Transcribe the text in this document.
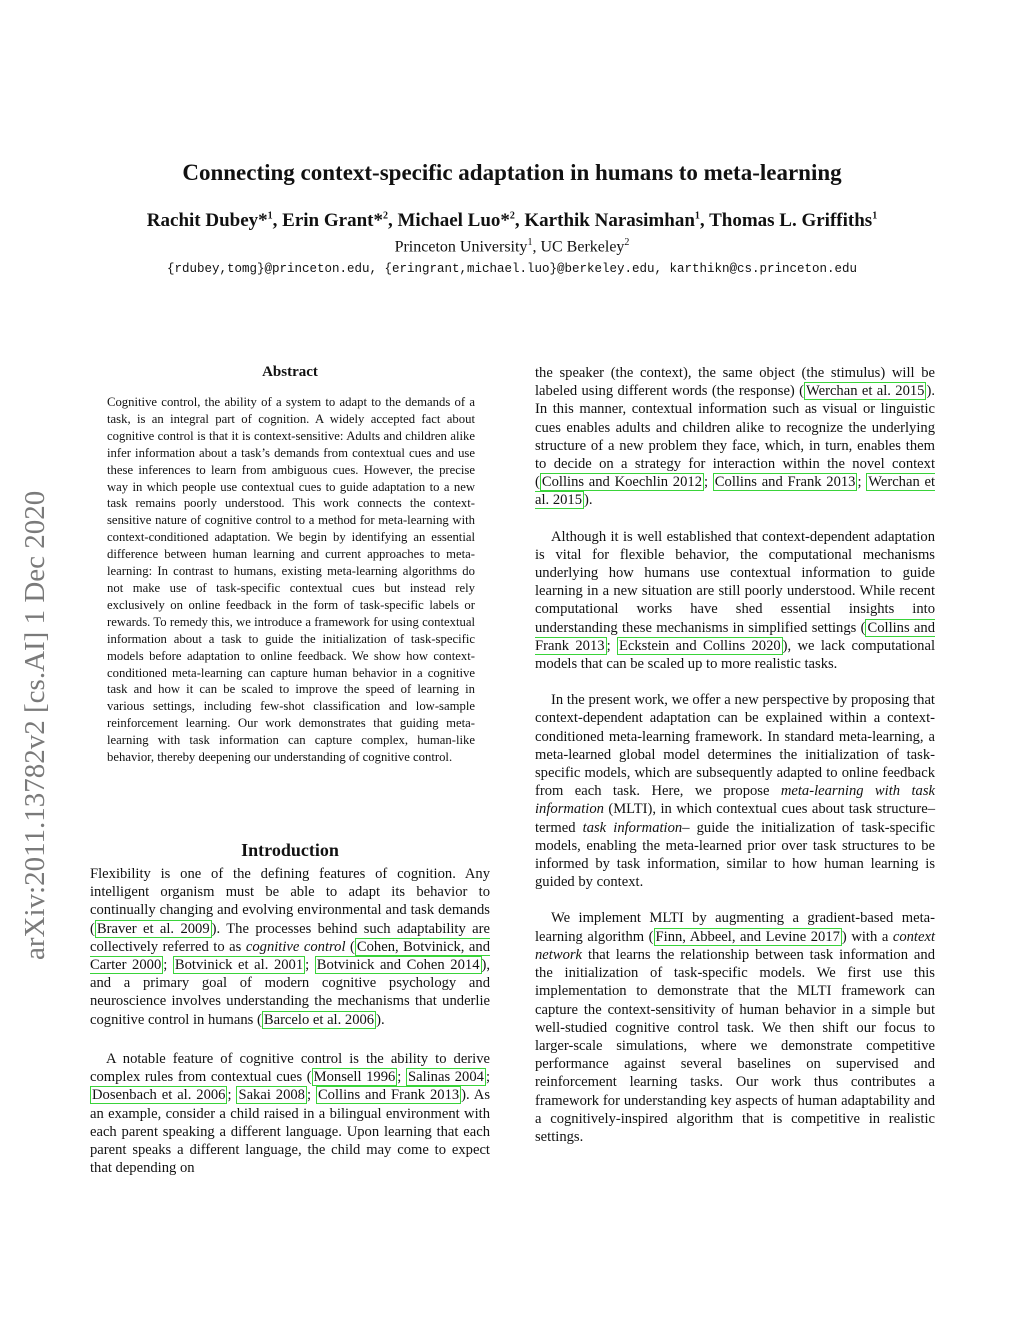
arXiv:2011.13782v2 [cs.AI] 1 Dec 2020
Connecting context-specific adaptation in humans to meta-learning
Rachit Dubey*$^1$, Erin Grant*$^2$, Michael Luo*$^2$, Karthik Narasimhan$^1$, Thomas L. Griffiths$^1$
Princeton University$^1$, UC Berkeley$^2$
{rdubey,tomg}@princeton.edu, {eringrant,michael.luo}@berkeley.edu, karthikn@cs.princeton.edu
Abstract
Cognitive control, the ability of a system to adapt to the demands of a task, is an integral part of cognition. A widely accepted fact about cognitive control is that it is context-sensitive: Adults and children alike infer information about a task’s demands from contextual cues and use these inferences to learn from ambiguous cues. However, the precise way in which people use contextual cues to guide adaptation to a new task remains poorly understood. This work connects the context-sensitive nature of cognitive control to a method for meta-learning with context-conditioned adaptation. We begin by identifying an essential difference between human learning and current approaches to meta-learning: In contrast to humans, existing meta-learning algorithms do not make use of task-specific contextual cues but instead rely exclusively on online feedback in the form of task-specific labels or rewards. To remedy this, we introduce a framework for using contextual information about a task to guide the initialization of task-specific models before adaptation to online feedback. We show how context-conditioned meta-learning can capture human behavior in a cognitive task and how it can be scaled to improve the speed of learning in various settings, including few-shot classification and low-sample reinforcement learning. Our work demonstrates that guiding meta-learning with task information can capture complex, human-like behavior, thereby deepening our understanding of cognitive control.
Introduction

Flexibility is one of the defining features of cognition. Any intelligent organism must be able to adapt its behavior to continually changing and evolving environmental and task demands ( Braver et al. 2009 ). The processes behind such adaptability are collectively referred to as cognitive control ( Cohen, Botvinick, and Carter 2000 ; Botvinick et al. 2001 ; Botvinick and Cohen 2014 ), and a primary goal of modern cognitive psychology and neuroscience involves understanding the mechanisms that underlie cognitive control in humans ( Barcelo et al. 2006 ).

A notable feature of cognitive control is the ability to derive complex rules from contextual cues ( Monsell 1996 ; Salinas 2004 ; Dosenbach et al. 2006 ; Sakai 2008 ; Collins and Frank 2013 ). As an example, consider a child raised in a bilingual environment with each parent speaking a different language. Upon learning that each parent speaks a different language, the child may come to expect that depending on

the speaker (the context), the same object (the stimulus) will be labeled using different words (the response) ( Werchan et al. 2015 ). In this manner, contextual information such as visual or linguistic cues enables adults and children alike to recognize the underlying structure of a new problem they face, which, in turn, enables them to decide on a strategy for interaction within the novel context ( Collins and Koechlin 2012 ; Collins and Frank 2013 ; Werchan et al. 2015 ).

Although it is well established that context-dependent adaptation is vital for flexible behavior, the computational mechanisms underlying how humans use contextual information to guide learning in a new situation are still poorly understood. While recent computational works have shed essential insights into understanding these mechanisms in simplified settings ( Collins and Frank 2013 ; Eckstein and Collins 2020 ), we lack computational models that can be scaled up to more realistic tasks.

In the present work, we offer a new perspective by proposing that context-dependent adaptation can be explained within a context-conditioned meta-learning framework. In standard meta-learning, a meta-learned global model determines the initialization of task-specific models, which are subsequently adapted to online feedback from each task. Here, we propose meta-learning with task information (MLTI), in which contextual cues about task structure–termed task information– guide the initialization of task-specific models, enabling the meta-learned prior over task structures to be informed by task information, similar to how human learning is guided by context.

We implement MLTI by augmenting a gradient-based meta-learning algorithm ( Finn, Abbeel, and Levine 2017 ) with a context network that learns the relationship between task information and the initialization of task-specific models. We first use this implementation to demonstrate that the MLTI framework can capture the context-sensitivity of human behavior in a simple but well-studied cognitive control task. We then shift our focus to larger-scale simulations, where we demonstrate competitive performance against several baselines on supervised and reinforcement learning tasks. Our work thus contributes a framework for understanding key aspects of human adaptability and a cognitively-inspired algorithm that is competitive in realistic settings.
